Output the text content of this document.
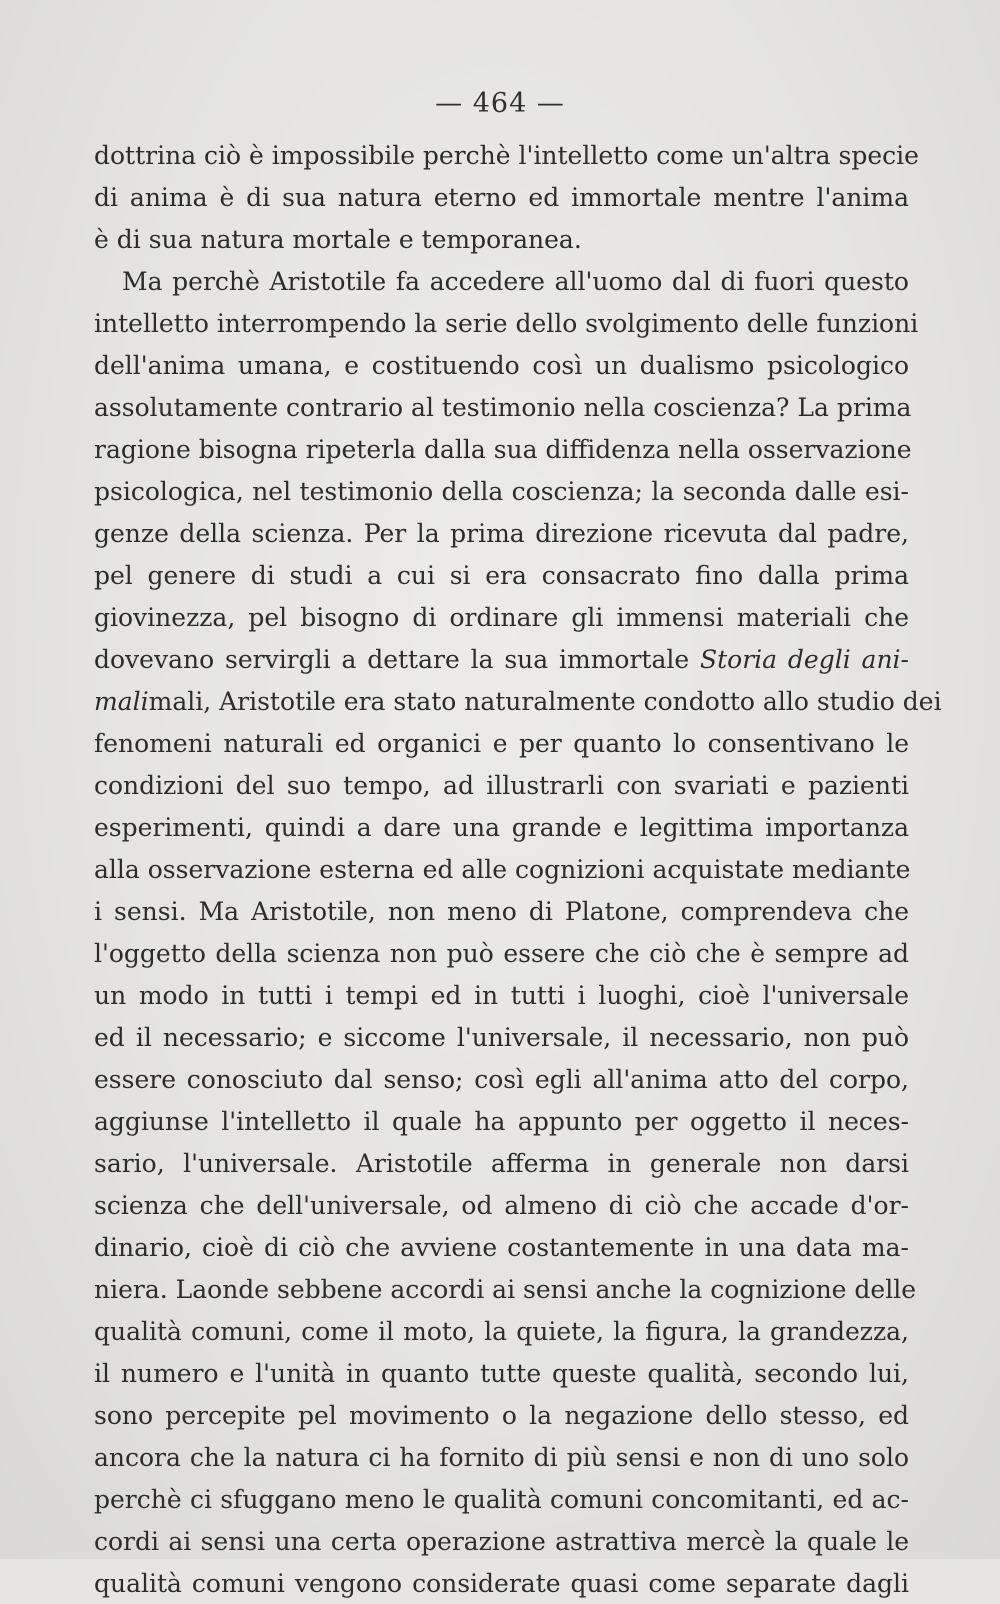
— 464 —
dottrina ciò è impossibile perchè l'intelletto come un'altra specie
di anima è di sua natura eterno ed immortale mentre l'anima
è di sua natura mortale e temporanea.
Ma perchè Aristotile fa accedere all'uomo dal di fuori questo
intelletto interrompendo la serie dello svolgimento delle funzioni
dell'anima umana, e costituendo così un dualismo psicologico
assolutamente contrario al testimonio nella coscienza? La prima
ragione bisogna ripeterla dalla sua diffidenza nella osservazione
psicologica, nel testimonio della coscienza; la seconda dalle esi-
genze della scienza. Per la prima direzione ricevuta dal padre,
pel genere di studi a cui si era consacrato fino dalla prima
giovinezza, pel bisogno di ordinare gli immensi materiali che
dovevano servirgli a dettare la sua immortale Storia degli ani-
malimali, Aristotile era stato naturalmente condotto allo studio dei
fenomeni naturali ed organici e per quanto lo consentivano le
condizioni del suo tempo, ad illustrarli con svariati e pazienti
esperimenti, quindi a dare una grande e legittima importanza
alla osservazione esterna ed alle cognizioni acquistate mediante
i sensi. Ma Aristotile, non meno di Platone, comprendeva che
l'oggetto della scienza non può essere che ciò che è sempre ad
un modo in tutti i tempi ed in tutti i luoghi, cioè l'universale
ed il necessario; e siccome l'universale, il necessario, non può
essere conosciuto dal senso; così egli all'anima atto del corpo,
aggiunse l'intelletto il quale ha appunto per oggetto il neces-
sario, l'universale. Aristotile afferma in generale non darsi
scienza che dell'universale, od almeno di ciò che accade d'or-
dinario, cioè di ciò che avviene costantemente in una data ma-
niera. Laonde sebbene accordi ai sensi anche la cognizione delle
qualità comuni, come il moto, la quiete, la figura, la grandezza,
il numero e l'unità in quanto tutte queste qualità, secondo lui,
sono percepite pel movimento o la negazione dello stesso, ed
ancora che la natura ci ha fornito di più sensi e non di uno solo
perchè ci sfuggano meno le qualità comuni concomitanti, ed ac-
cordi ai sensi una certa operazione astrattiva mercè la quale le
qualità comuni vengono considerate quasi come separate dagli
